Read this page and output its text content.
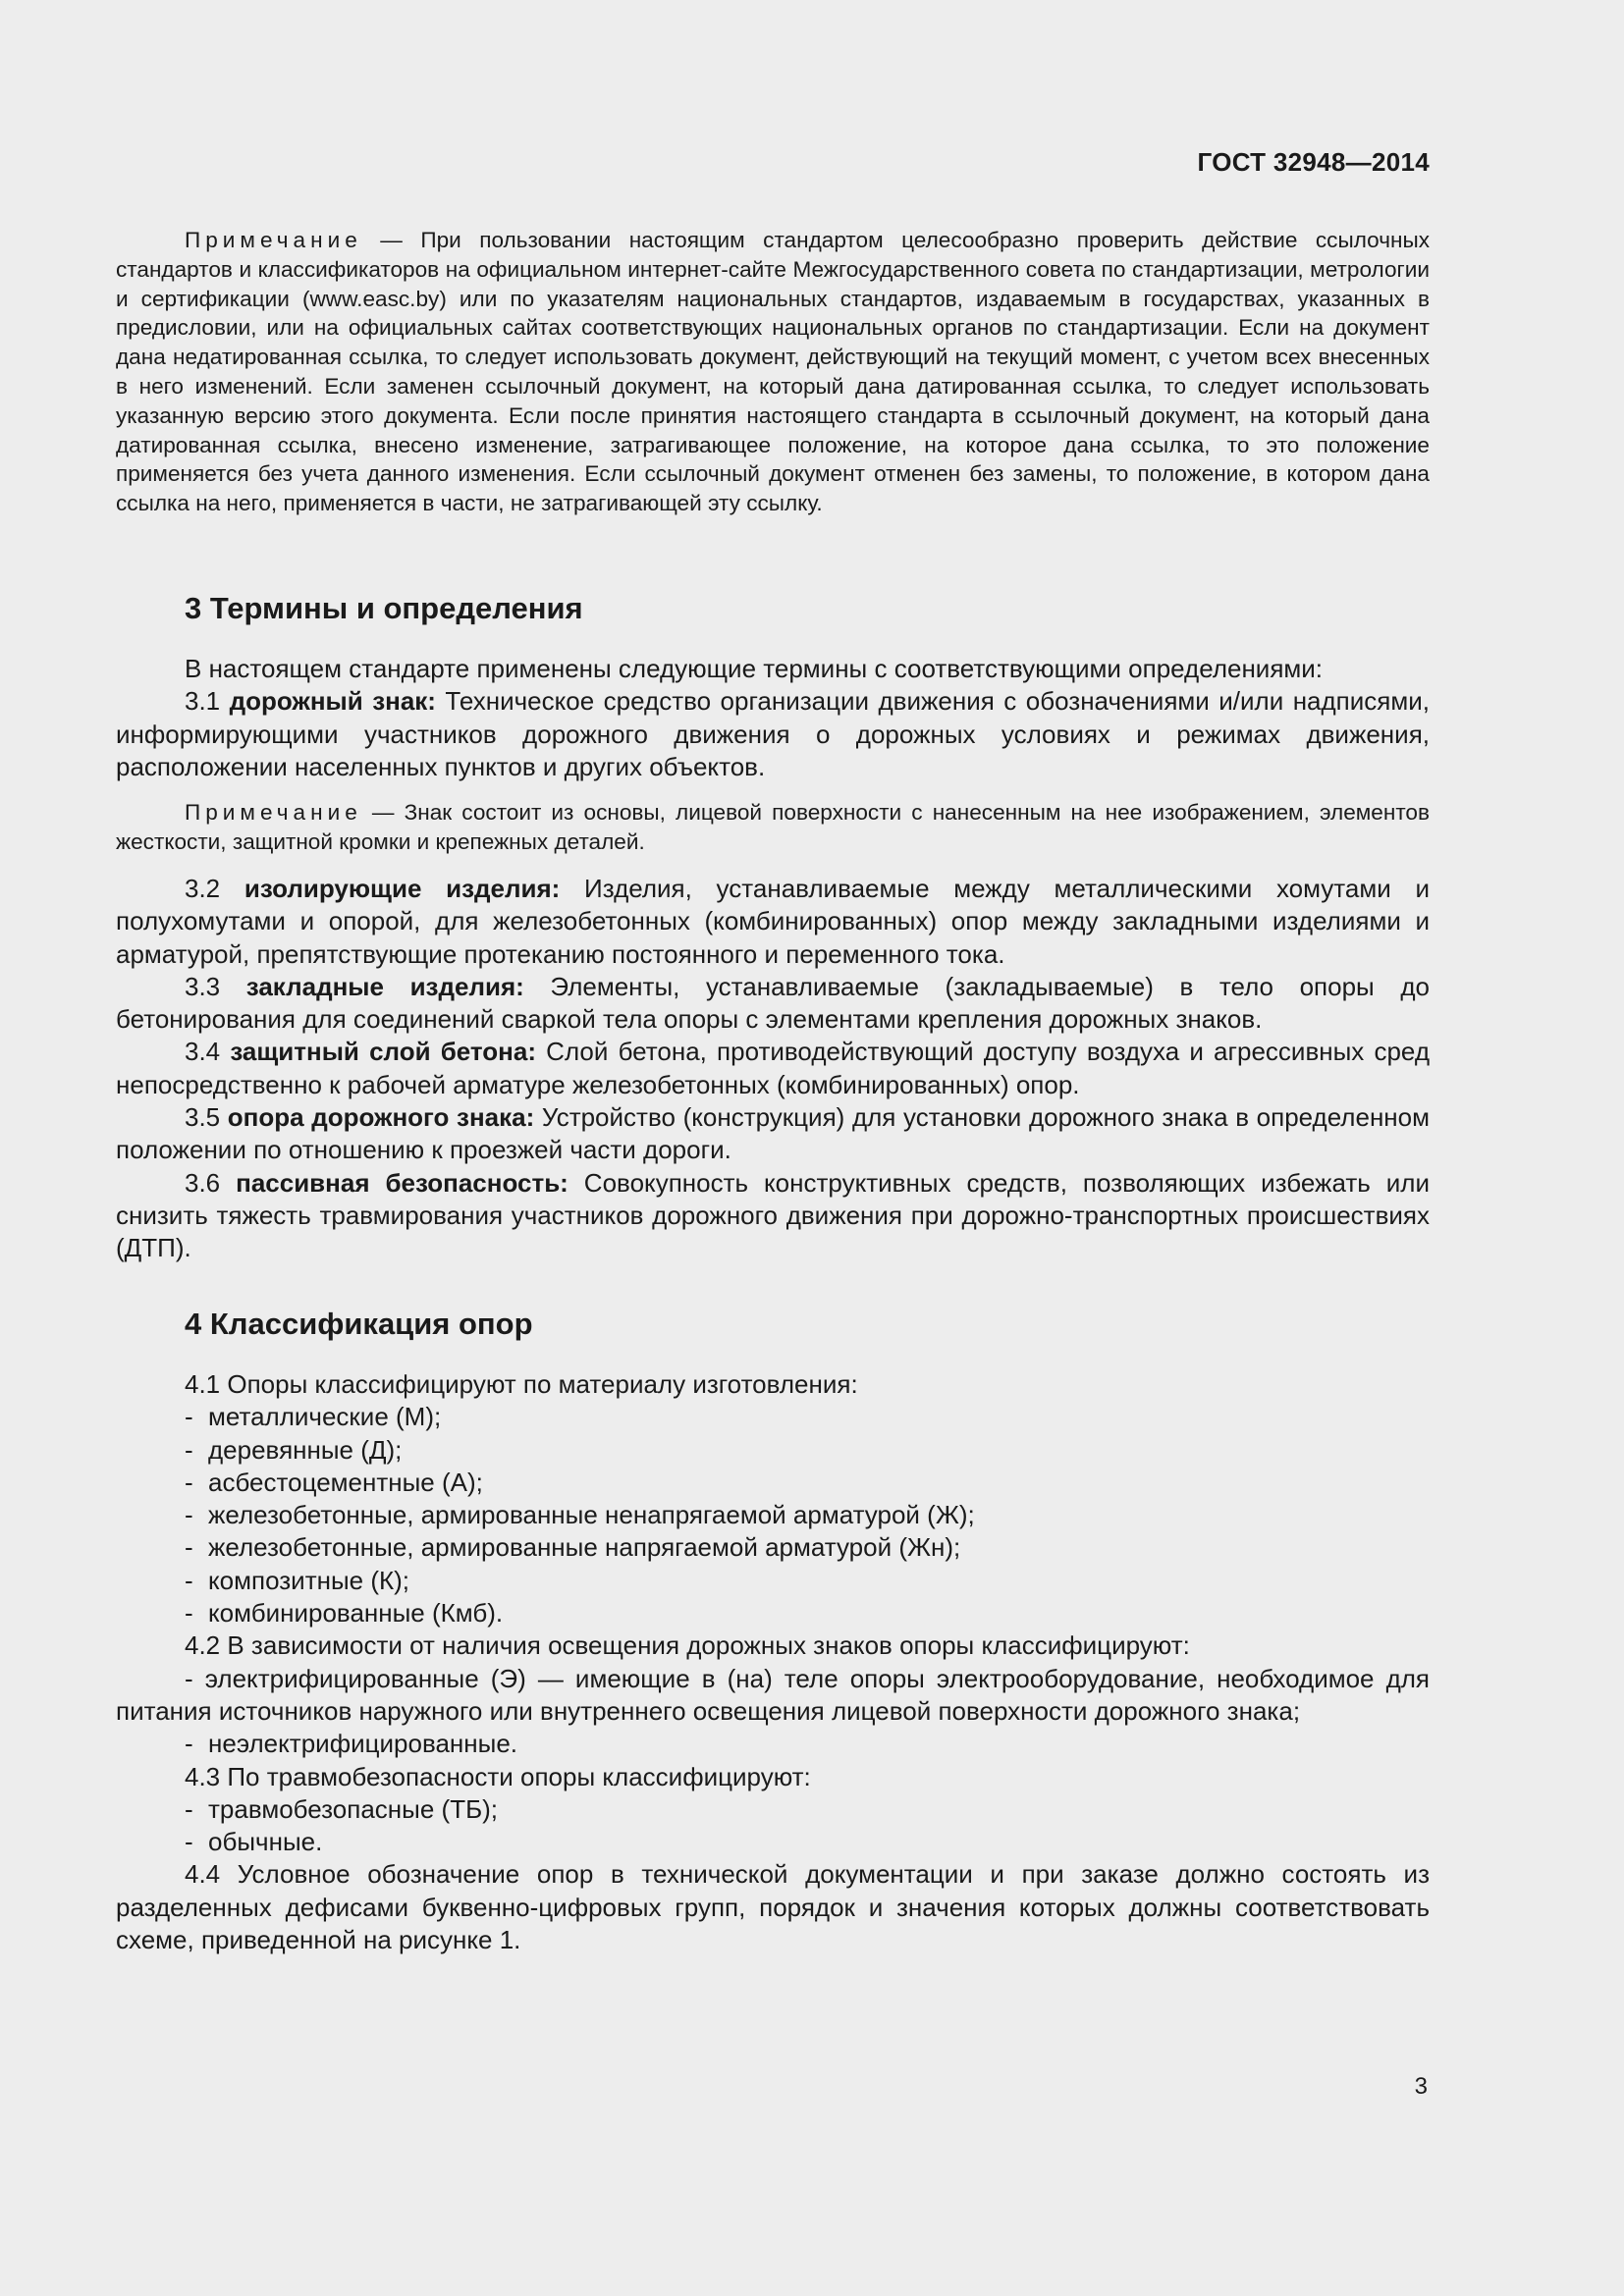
ГОСТ 32948—2014

Примечание — При пользовании настоящим стандартом целесообразно проверить действие ссылочных стандартов и классификаторов на официальном интернет-сайте Межгосударственного совета по стандартизации, метрологии и сертификации (www.easc.by) или по указателям национальных стандартов, издаваемым в государствах, указанных в предисловии, или на официальных сайтах соответствующих национальных органов по стандартизации. Если на документ дана недатированная ссылка, то следует использовать документ, действующий на текущий момент, с учетом всех внесенных в него изменений. Если заменен ссылочный документ, на который дана датированная ссылка, то следует использовать указанную версию этого документа. Если после принятия настоящего стандарта в ссылочный документ, на который дана датированная ссылка, внесено изменение, затрагивающее положение, на которое дана ссылка, то это положение применяется без учета данного изменения. Если ссылочный документ отменен без замены, то положение, в котором дана ссылка на него, применяется в части, не затрагивающей эту ссылку.

3 Термины и определения

В настоящем стандарте применены следующие термины с соответствующими определениями:

3.1 дорожный знак: Техническое средство организации движения с обозначениями и/или надписями, информирующими участников дорожного движения о дорожных условиях и режимах движения, расположении населенных пунктов и других объектов.

Примечание — Знак состоит из основы, лицевой поверхности с нанесенным на нее изображением, элементов жесткости, защитной кромки и крепежных деталей.

3.2 изолирующие изделия: Изделия, устанавливаемые между металлическими хомутами и полухомутами и опорой, для железобетонных (комбинированных) опор между закладными изделиями и арматурой, препятствующие протеканию постоянного и переменного тока.

3.3 закладные изделия: Элементы, устанавливаемые (закладываемые) в тело опоры до бетонирования для соединений сваркой тела опоры с элементами крепления дорожных знаков.

3.4 защитный слой бетона: Слой бетона, противодействующий доступу воздуха и агрессивных сред непосредственно к рабочей арматуре железобетонных (комбинированных) опор.

3.5 опора дорожного знака: Устройство (конструкция) для установки дорожного знака в определенном положении по отношению к проезжей части дороги.

3.6 пассивная безопасность: Совокупность конструктивных средств, позволяющих избежать или снизить тяжесть травмирования участников дорожного движения при дорожно-транспортных происшествиях (ДТП).

4 Классификация опор

4.1 Опоры классифицируют по материалу изготовления:

- металлические (М);
- деревянные (Д);
- асбестоцементные (А);
- железобетонные, армированные ненапрягаемой арматурой (Ж);
- железобетонные, армированные напрягаемой арматурой (Жн);
- композитные (К);
- комбинированные (Кмб).

4.2 В зависимости от наличия освещения дорожных знаков опоры классифицируют:

- электрифицированные (Э) — имеющие в (на) теле опоры электрооборудование, необходимое для питания источников наружного или внутреннего освещения лицевой поверхности дорожного знака;

- неэлектрифицированные.

4.3 По травмобезопасности опоры классифицируют:

- травмобезопасные (ТБ);
- обычные.

4.4 Условное обозначение опор в технической документации и при заказе должно состоять из разделенных дефисами буквенно-цифровых групп, порядок и значения которых должны соответствовать схеме, приведенной на рисунке 1.

3
